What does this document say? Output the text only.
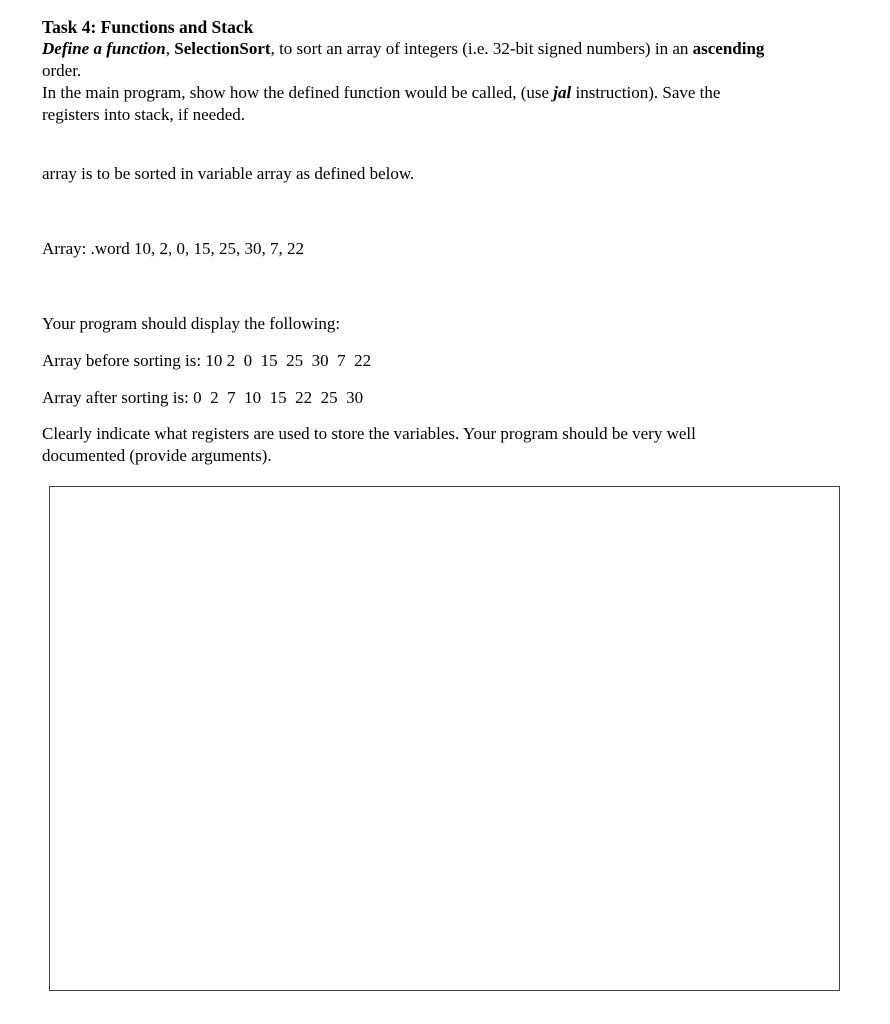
Task 4: Functions and Stack
Define a function, SelectionSort, to sort an array of integers (i.e. 32-bit signed numbers) in an ascending
order.
In the main program, show how the defined function would be called, (use jal instruction). Save the
registers into stack, if needed.
array is to be sorted in variable array as defined below.
Array: .word 10, 2, 0, 15, 25, 30, 7, 22
Your program should display the following:
Array before sorting is: 10 2  0  15  25  30  7  22
Array after sorting is: 0  2  7  10  15  22  25  30
Clearly indicate what registers are used to store the variables. Your program should be very well
documented (provide arguments).
